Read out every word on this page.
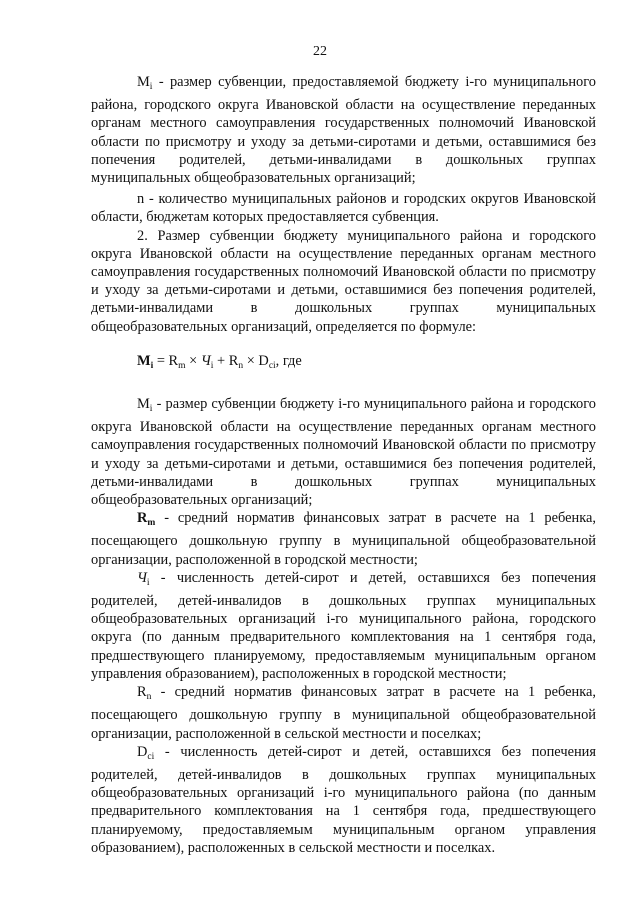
22

$M_i$ - размер субвенции, предоставляемой бюджету i-го муниципального района, городского округа Ивановской области на осуществление переданных органам местного самоуправления государственных полномочий Ивановской области по присмотру и уходу за детьми-сиротами и детьми, оставшимися без попечения родителей, детьми-инвалидами в дошкольных группах муниципальных общеобразовательных организаций;

n - количество муниципальных районов и городских округов Ивановской области, бюджетам которых предоставляется субвенция.

2. Размер субвенции бюджету муниципального района и городского округа Ивановской области на осуществление переданных органам местного самоуправления государственных полномочий Ивановской области по присмотру и уходу за детьми-сиротами и детьми, оставшимися без попечения родителей, детьми-инвалидами в дошкольных группах муниципальных общеобразовательных организаций, определяется по формуле:

$M_i = R_m \times Ч_i + R_n \times D_{ci}$, где

$M_i$ - размер субвенции бюджету i-го муниципального района и городского округа Ивановской области на осуществление переданных органам местного самоуправления государственных полномочий Ивановской области по присмотру и уходу за детьми-сиротами и детьми, оставшимися без попечения родителей, детьми-инвалидами в дошкольных группах муниципальных общеобразовательных организаций;

$R_m$ - средний норматив финансовых затрат в расчете на 1 ребенка, посещающего дошкольную группу в муниципальной общеобразовательной организации, расположенной в городской местности;

$Ч_i$ - численность детей-сирот и детей, оставшихся без попечения родителей, детей-инвалидов в дошкольных группах муниципальных общеобразовательных организаций i-го муниципального района, городского округа (по данным предварительного комплектования на 1 сентября года, предшествующего планируемому, предоставляемым муниципальным органом управления образованием), расположенных в городской местности;

$R_n$ - средний норматив финансовых затрат в расчете на 1 ребенка, посещающего дошкольную группу в муниципальной общеобразовательной организации, расположенной в сельской местности и поселках;

$D_{ci}$ - численность детей-сирот и детей, оставшихся без попечения родителей, детей-инвалидов в дошкольных группах муниципальных общеобразовательных организаций i-го муниципального района (по данным предварительного комплектования на 1 сентября года, предшествующего планируемому, предоставляемым муниципальным органом управления образованием), расположенных в сельской местности и поселках.
